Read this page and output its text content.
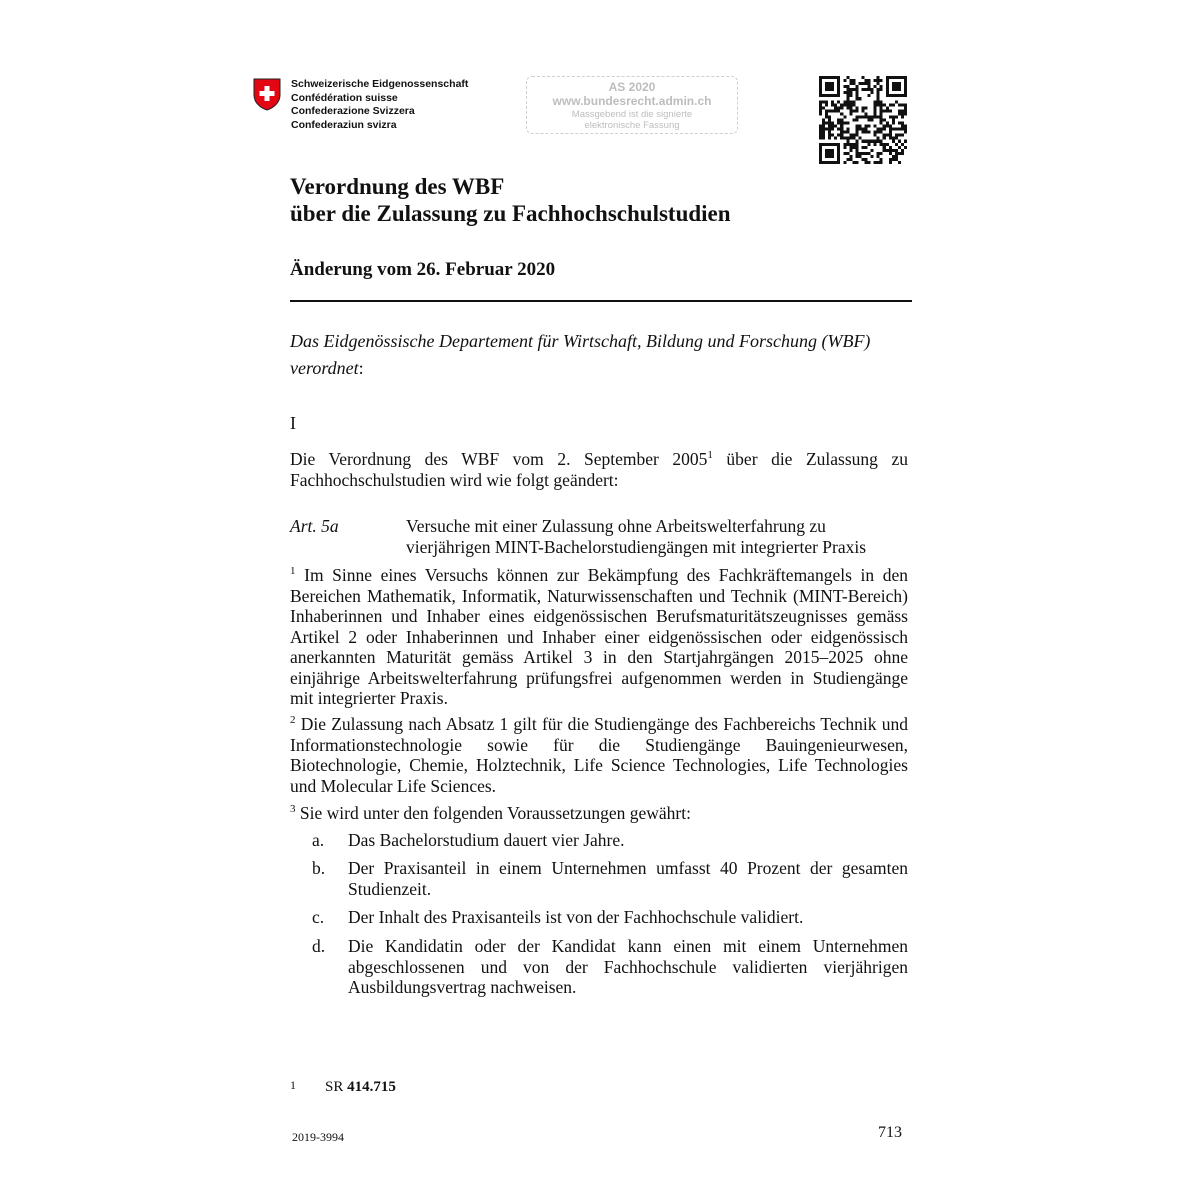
Schweizerische Eidgenossenschaft
Confédération suisse
Confederazione Svizzera
Confederaziun svizra
AS 2020
www.bundesrecht.admin.ch
Massgebend ist die signierte
elektronische Fassung
Verordnung des WBF
über die Zulassung zu Fachhochschulstudien
Änderung vom 26. Februar 2020
Das Eidgenössische Departement für Wirtschaft, Bildung und Forschung (WBF) verordnet:
I
Die Verordnung des WBF vom 2. September 2005$^1$ über die Zulassung zu Fachhochschulstudien wird wie folgt geändert:
Art. 5a	Versuche mit einer Zulassung ohne Arbeitswelterfahrung zu vierjährigen MINT-Bachelorstudiengängen mit integrierter Praxis
$^1$ Im Sinne eines Versuchs können zur Bekämpfung des Fachkräftemangels in den Bereichen Mathematik, Informatik, Naturwissenschaften und Technik (MINT-Bereich) Inhaberinnen und Inhaber eines eidgenössischen Berufsmaturitätszeugnisses gemäss Artikel 2 oder Inhaberinnen und Inhaber einer eidgenössischen oder eidgenössisch anerkannten Maturität gemäss Artikel 3 in den Startjahrgängen 2015–2025 ohne einjährige Arbeitswelterfahrung prüfungsfrei aufgenommen werden in Studiengänge mit integrierter Praxis.
$^2$ Die Zulassung nach Absatz 1 gilt für die Studiengänge des Fachbereichs Technik und Informationstechnologie sowie für die Studiengänge Bauingenieurwesen, Biotechnologie, Chemie, Holztechnik, Life Science Technologies, Life Technologies und Molecular Life Sciences.
$^3$ Sie wird unter den folgenden Voraussetzungen gewährt:
a. Das Bachelorstudium dauert vier Jahre.
b. Der Praxisanteil in einem Unternehmen umfasst 40 Prozent der gesamten Studienzeit.
c. Der Inhalt des Praxisanteils ist von der Fachhochschule validiert.
d. Die Kandidatin oder der Kandidat kann einen mit einem Unternehmen abgeschlossenen und von der Fachhochschule validierten vierjährigen Ausbildungsvertrag nachweisen.
1 SR 414.715
2019-3994	713
